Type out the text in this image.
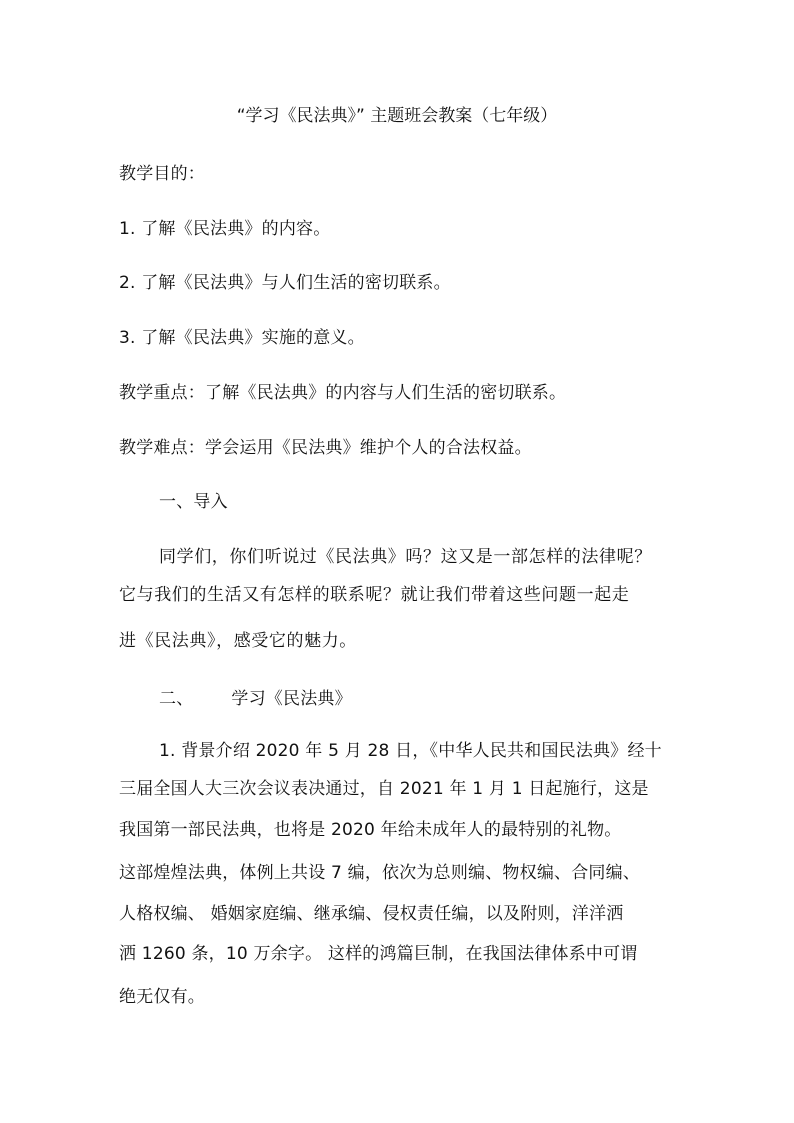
“学习《民法典》” 主题班会教案（七年级）
教学目的：
1. 了解《民法典》的内容。
2. 了解《民法典》与人们生活的密切联系。
3. 了解《民法典》实施的意义。
教学重点：了解《民法典》的内容与人们生活的密切联系。
教学难点：学会运用《民法典》维护个人的合法权益。
一、导入
同学们，你们听说过《民法典》吗？这又是一部怎样的法律呢？
它与我们的生活又有怎样的联系呢？就让我们带着这些问题一起走
进《民法典》，感受它的魅力。
二、 学习《民法典》
1. 背景介绍 2020 年 5 月 28 日，《中华人民共和国民法典》经十
三届全国人大三次会议表决通过，自 2021 年 1 月 1 日起施行，这是
我国第一部民法典，也将是 2020 年给未成年人的最特别的礼物。
这部煌煌法典，体例上共设 7 编，依次为总则编、物权编、合同编、
人格权编、 婚姻家庭编、继承编、侵权责任编，以及附则，洋洋洒
洒 1260 条，10 万余字。 这样的鸿篇巨制，在我国法律体系中可谓
绝无仅有。
